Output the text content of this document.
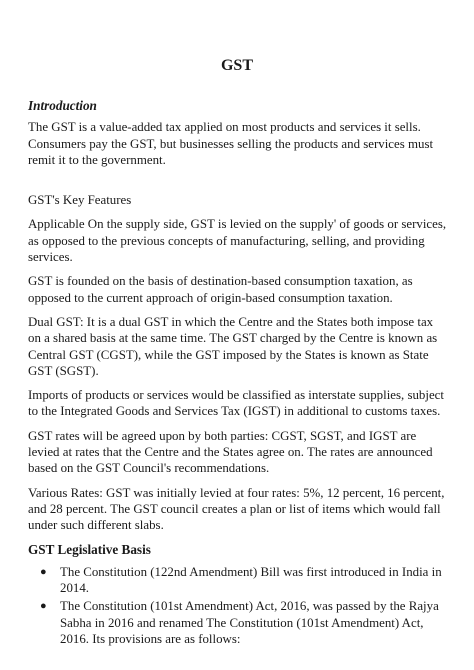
GST

Introduction

The GST is a value-added tax applied on most products and services it sells. Consumers pay the GST, but businesses selling the products and services must remit it to the government.

GST's Key Features

Applicable On the supply side, GST is levied on the supply' of goods or services, as opposed to the previous concepts of manufacturing, selling, and providing services.

GST is founded on the basis of destination-based consumption taxation, as opposed to the current approach of origin-based consumption taxation.

Dual GST: It is a dual GST in which the Centre and the States both impose tax on a shared basis at the same time. The GST charged by the Centre is known as Central GST (CGST), while the GST imposed by the States is known as State GST (SGST).

Imports of products or services would be classified as interstate supplies, subject to the Integrated Goods and Services Tax (IGST) in additional to customs taxes.

GST rates will be agreed upon by both parties: CGST, SGST, and IGST are levied at rates that the Centre and the States agree on. The rates are announced based on the GST Council's recommendations.

Various Rates: GST was initially levied at four rates: 5%, 12 percent, 16 percent, and 28 percent. The GST council creates a plan or list of items which would fall under such different slabs.

GST Legislative Basis

● The Constitution (122nd Amendment) Bill was first introduced in India in 2014.
● The Constitution (101st Amendment) Act, 2016, was passed by the Rajya Sabha in 2016 and renamed The Constitution (101st Amendment) Act, 2016. Its provisions are as follows:
